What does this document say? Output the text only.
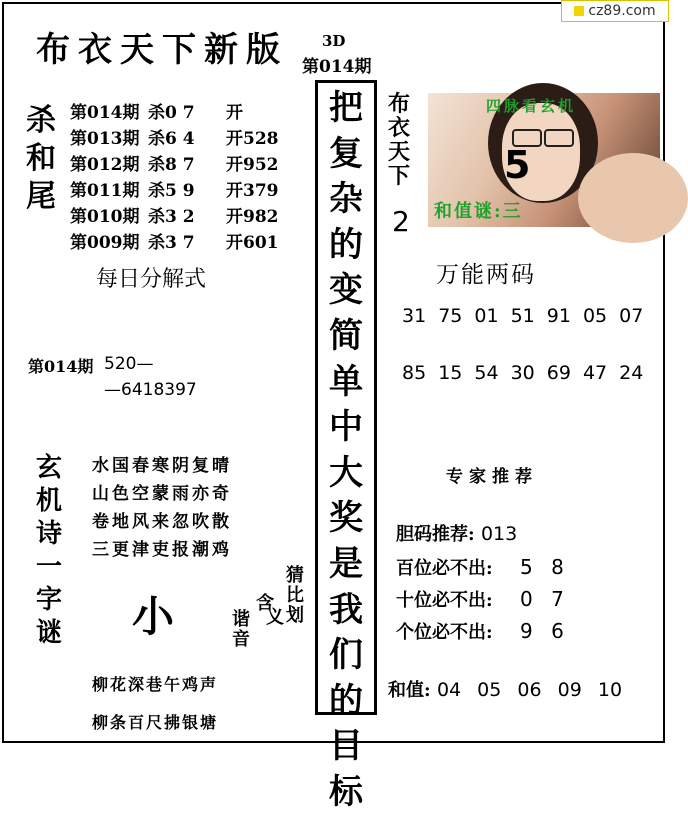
cz89.com
布衣天下新版 3D
第014期
杀
和
尾
第014期 杀0 7	开
第013期 杀6 4	开528
第012期 杀8 7	开952
第011期 杀5 9	开379
第010期 杀3 2	开982
第009期 杀3 7	开601
每日分解式
第014期 520—
—6418397
把
复
杂
的
变
简
单
中
大
奖
是
我
们
的
目
标
布
衣
天
下
2
四脉看玄机
5
和值谜:三
万能两码
31 75 01 51 91 05 07
85 15 54 30 69 47 24
玄
机
诗
一
字
谜
水国春寒阴复晴
山色空蒙雨亦奇
卷地风来忽吹散
三更津吏报潮鸡
小
猜
比
划
含
义
谐
音
柳花深巷午鸡声
柳条百尺拂银塘
专家推荐
胆码推荐: 013
百位必不出: 5 8
十位必不出: 0 7
个位必不出: 9 6
和值: 04 05 06 09 10
